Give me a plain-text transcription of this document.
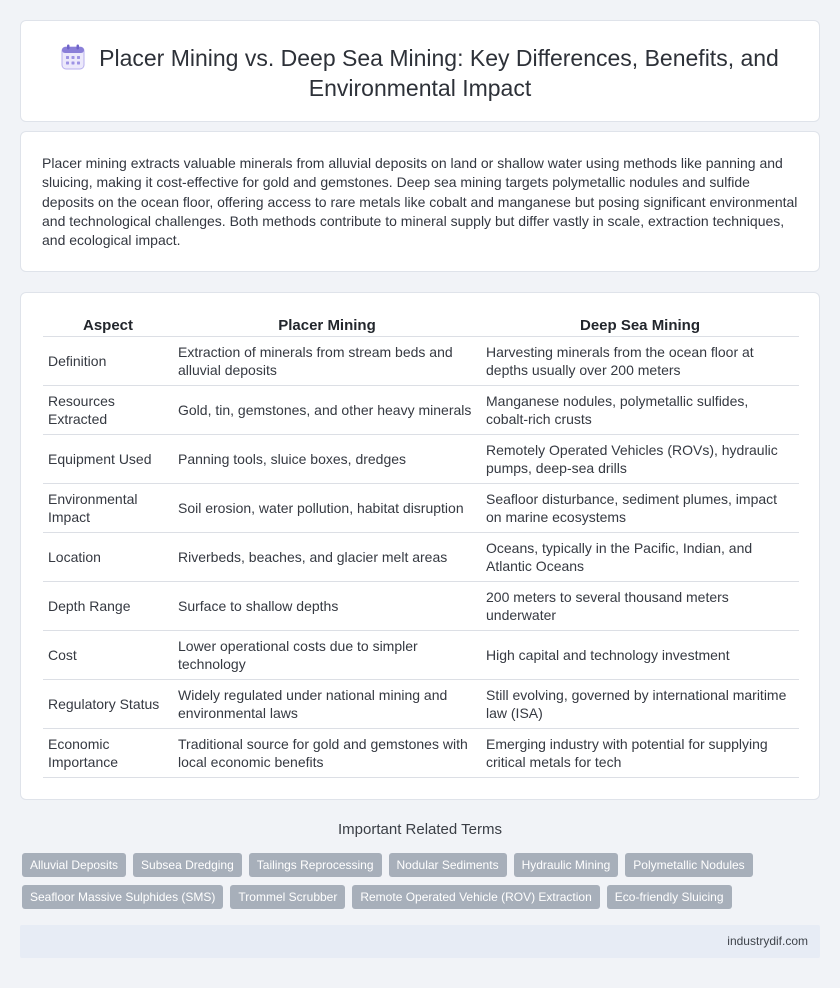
Placer Mining vs. Deep Sea Mining: Key Differences, Benefits, and Environmental Impact

Placer mining extracts valuable minerals from alluvial deposits on land or shallow water using methods like panning and sluicing, making it cost-effective for gold and gemstones. Deep sea mining targets polymetallic nodules and sulfide deposits on the ocean floor, offering access to rare metals like cobalt and manganese but posing significant environmental and technological challenges. Both methods contribute to mineral supply but differ vastly in scale, extraction techniques, and ecological impact.

Aspect	Placer Mining	Deep Sea Mining
Definition	Extraction of minerals from stream beds and alluvial deposits	Harvesting minerals from the ocean floor at depths usually over 200 meters
Resources Extracted	Gold, tin, gemstones, and other heavy minerals	Manganese nodules, polymetallic sulfides, cobalt-rich crusts
Equipment Used	Panning tools, sluice boxes, dredges	Remotely Operated Vehicles (ROVs), hydraulic pumps, deep-sea drills
Environmental Impact	Soil erosion, water pollution, habitat disruption	Seafloor disturbance, sediment plumes, impact on marine ecosystems
Location	Riverbeds, beaches, and glacier melt areas	Oceans, typically in the Pacific, Indian, and Atlantic Oceans
Depth Range	Surface to shallow depths	200 meters to several thousand meters underwater
Cost	Lower operational costs due to simpler technology	High capital and technology investment
Regulatory Status	Widely regulated under national mining and environmental laws	Still evolving, governed by international maritime law (ISA)
Economic Importance	Traditional source for gold and gemstones with local economic benefits	Emerging industry with potential for supplying critical metals for tech
Important Related Terms
Alluvial Deposits	Subsea Dredging	Tailings Reprocessing	Nodular Sediments	Hydraulic Mining	Polymetallic Nodules
Seafloor Massive Sulphides (SMS)	Trommel Scrubber	Remote Operated Vehicle (ROV) Extraction	Eco-friendly Sluicing
industrydif.com
